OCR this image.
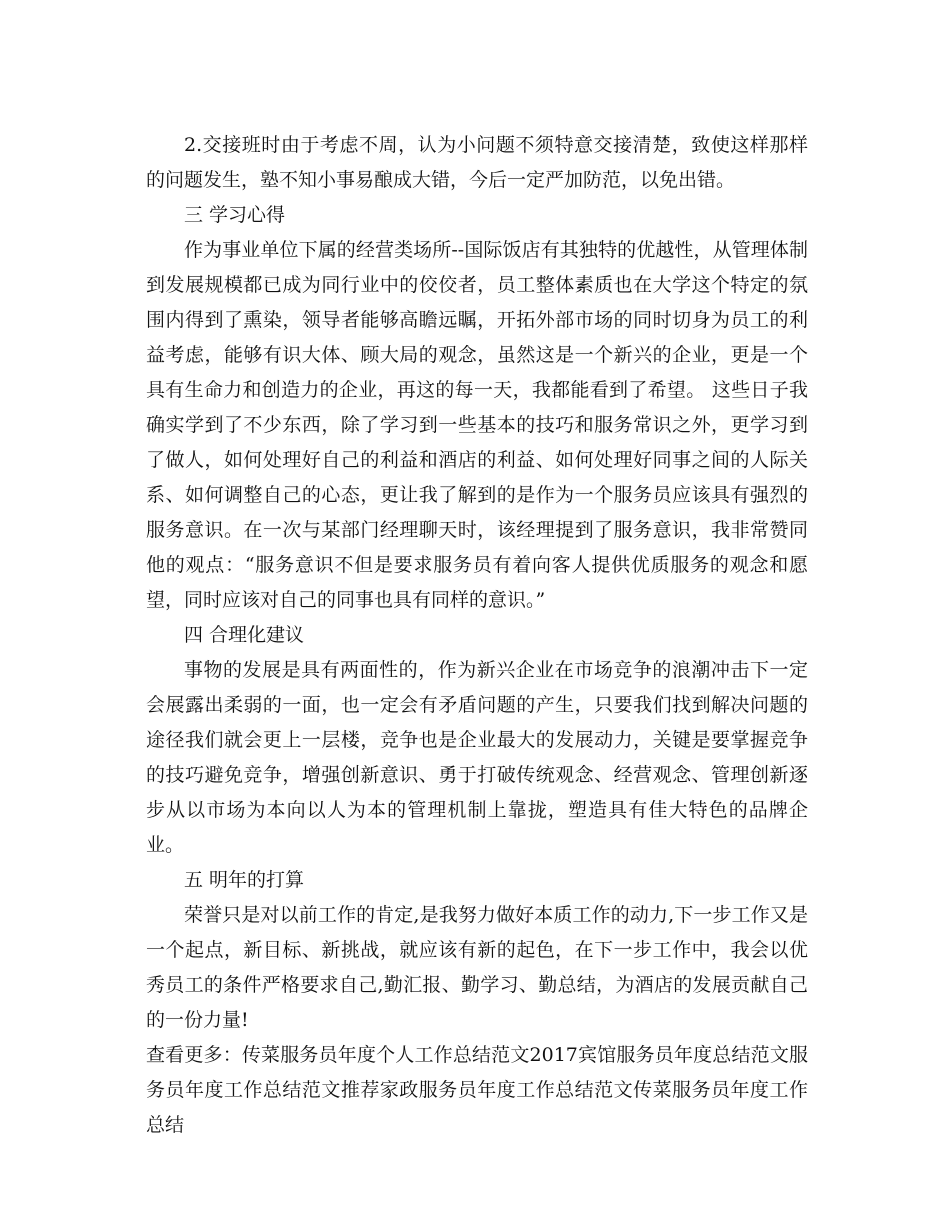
2.交接班时由于考虑不周，认为小问题不须特意交接清楚，致使这样那样的问题发生，塾不知小事易酿成大错，今后一定严加防范，以免出错。

三 学习心得

作为事业单位下属的经营类场所--国际饭店有其独特的优越性，从管理体制到发展规模都已成为同行业中的佼佼者，员工整体素质也在大学这个特定的氛围内得到了熏染，领导者能够高瞻远瞩，开拓外部市场的同时切身为员工的利益考虑，能够有识大体、顾大局的观念，虽然这是一个新兴的企业，更是一个具有生命力和创造力的企业，再这的每一天，我都能看到了希望。 这些日子我确实学到了不少东西，除了学习到一些基本的技巧和服务常识之外，更学习到了做人，如何处理好自己的利益和酒店的利益、如何处理好同事之间的人际关系、如何调整自己的心态，更让我了解到的是作为一个服务员应该具有强烈的服务意识。在一次与某部门经理聊天时，该经理提到了服务意识，我非常赞同他的观点：“服务意识不但是要求服务员有着向客人提供优质服务的观念和愿望，同时应该对自己的同事也具有同样的意识。”

四 合理化建议

事物的发展是具有两面性的，作为新兴企业在市场竞争的浪潮冲击下一定会展露出柔弱的一面，也一定会有矛盾问题的产生，只要我们找到解决问题的途径我们就会更上一层楼，竞争也是企业最大的发展动力，关键是要掌握竞争的技巧避免竞争，增强创新意识、勇于打破传统观念、经营观念、管理创新逐步从以市场为本向以人为本的管理机制上靠拢，塑造具有佳大特色的品牌企业。

五 明年的打算

荣誉只是对以前工作的肯定,是我努力做好本质工作的动力,下一步工作又是一个起点，新目标、新挑战，就应该有新的起色，在下一步工作中，我会以优秀员工的条件严格要求自己,勤汇报、勤学习、勤总结，为酒店的发展贡献自己的一份力量!

查看更多：传菜服务员年度个人工作总结范文2017宾馆服务员年度总结范文服务员年度工作总结范文推荐家政服务员年度工作总结范文传菜服务员年度工作总结
